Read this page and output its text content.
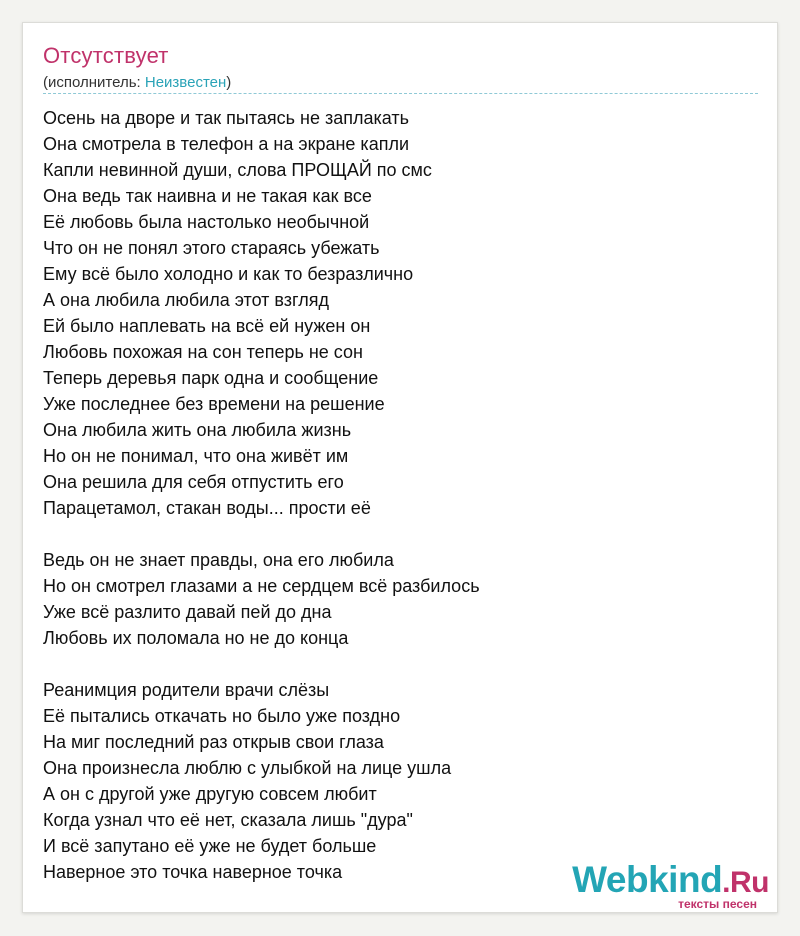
Отсутствует
(исполнитель: Неизвестен)
Осень на дворе и так пытаясь не заплакать
Она смотрела в телефон а на экране капли
Капли невинной души, слова ПРОЩАЙ по смс
Она ведь так наивна и не такая как все
Её любовь была настолько необычной
Что он не понял этого стараясь убежать
Ему всё было холодно и как то безразлично
А она любила любила этот взгляд
Ей было наплевать на всё ей нужен он
Любовь похожая на сон теперь не сон
Теперь деревья парк одна и сообщение
Уже последнее без времени на решение
Она любила жить она любила жизнь
Но он не понимал, что она живёт им
Она решила для себя отпустить его
Парацетамол, стакан воды... прости её
Ведь он не знает правды, она его любила
Но он смотрел глазами а не сердцем всё разбилось
Уже всё разлито давай пей до дна
Любовь их поломала но не до конца
Реанимция родители врачи слёзы
Её пытались откачать но было уже поздно
На миг последний раз открыв свои глаза
Она произнесла люблю с улыбкой на лице ушла
А он с другой уже другую совсем любит
Когда узнал что её нет, сказала лишь "дура"
И всё запутано её уже не будет больше
Наверное это точка наверное точка	Webkind.Ru
тексты песен
